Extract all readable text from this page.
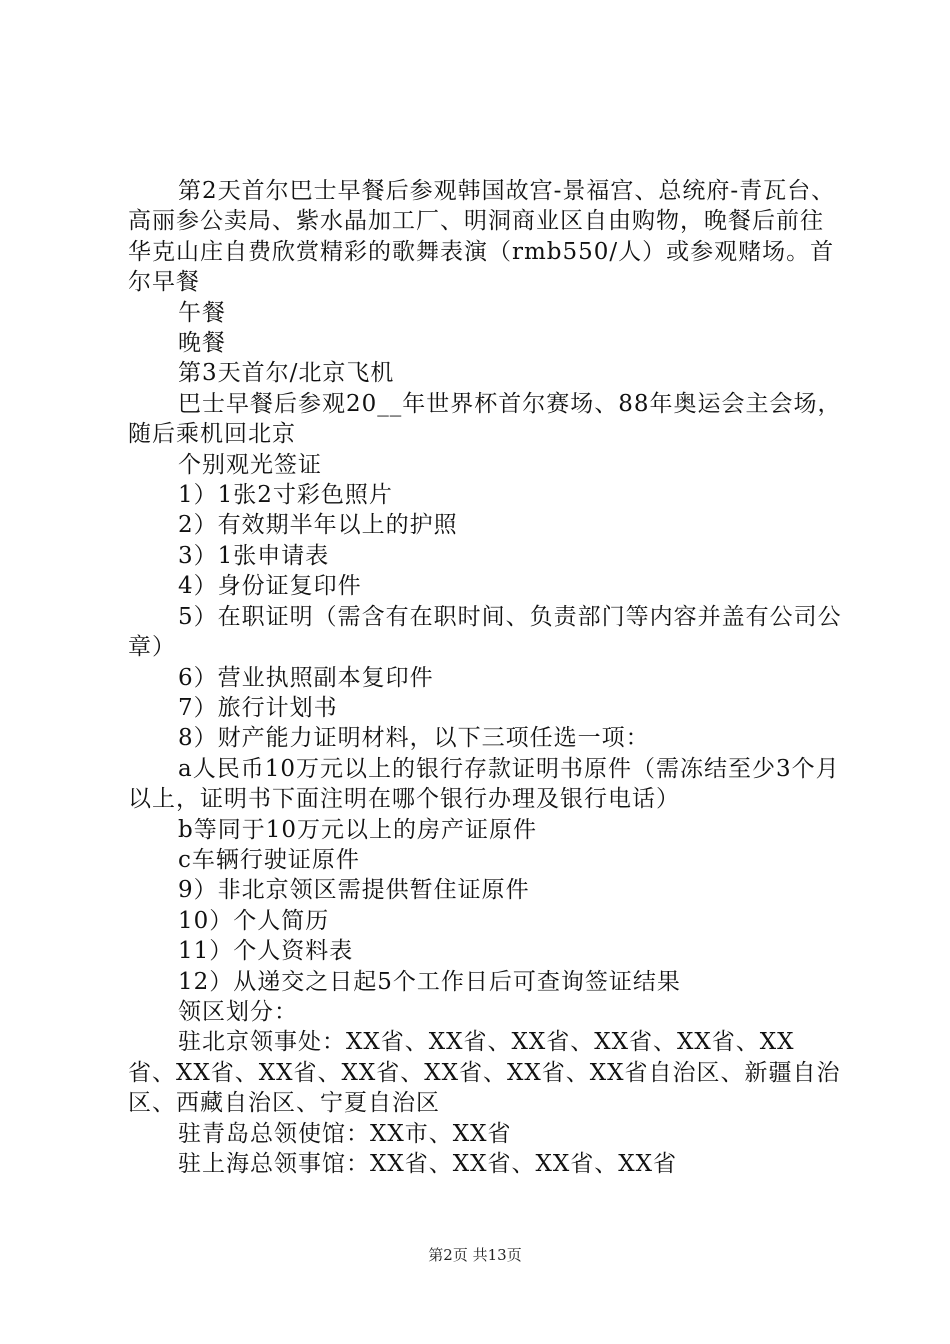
第2天首尔巴士早餐后参观韩国故宫-景福宫、总统府-青瓦台、高丽参公卖局、紫水晶加工厂、明洞商业区自由购物，晚餐后前往华克山庄自费欣赏精彩的歌舞表演（rmb550/人）或参观赌场。首尔早餐

午餐

晚餐

第3天首尔/北京飞机

巴士早餐后参观20__年世界杯首尔赛场、88年奥运会主会场，随后乘机回北京

个别观光签证

1）1张2寸彩色照片

2）有效期半年以上的护照

3）1张申请表

4）身份证复印件

5）在职证明（需含有在职时间、负责部门等内容并盖有公司公章）

6）营业执照副本复印件

7）旅行计划书

8）财产能力证明材料，以下三项任选一项：

a人民币10万元以上的银行存款证明书原件（需冻结至少3个月以上，证明书下面注明在哪个银行办理及银行电话）

b等同于10万元以上的房产证原件

c车辆行驶证原件

9）非北京领区需提供暂住证原件

10）个人简历

11）个人资料表

12）从递交之日起5个工作日后可查询签证结果

领区划分：

驻北京领事处：XX省、XX省、XX省、XX省、XX省、XX省、XX省、XX省、XX省、XX省、XX省、XX省自治区、新疆自治区、西藏自治区、宁夏自治区

驻青岛总领使馆：XX市、XX省

驻上海总领事馆：XX省、XX省、XX省、XX省

第2页 共13页
